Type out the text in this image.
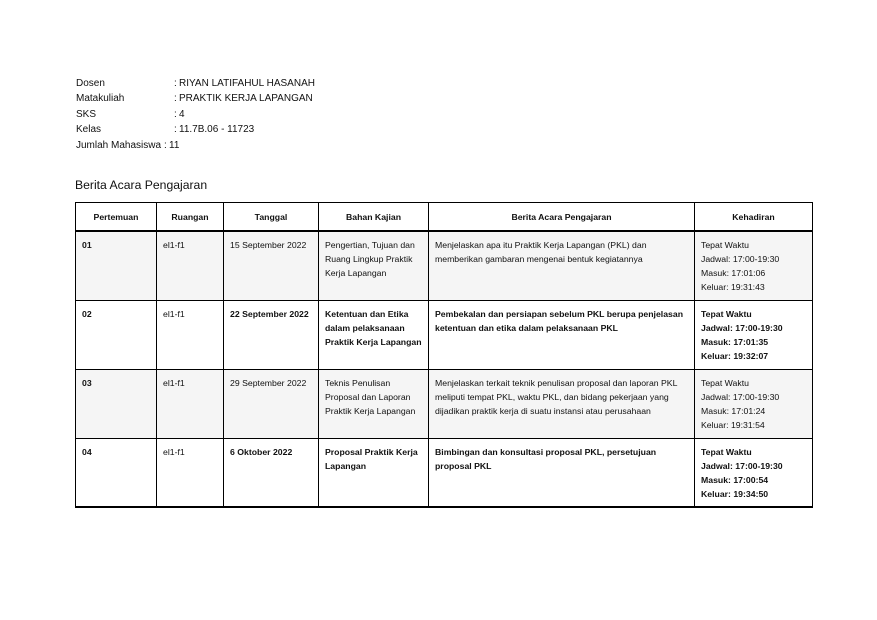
Dosen	: RIYAN LATIFAHUL HASANAH
Matakuliah	: PRAKTIK KERJA LAPANGAN
SKS	: 4
Kelas	: 11.7B.06 - 11723
Jumlah Mahasiswa : 11
Berita Acara Pengajaran
Pertemuan	Ruangan	Tanggal	Bahan Kajian	Berita Acara Pengajaran	Kehadiran
01	el1-f1	15 September 2022	Pengertian, Tujuan dan Ruang Lingkup Praktik Kerja Lapangan	Menjelaskan apa itu Praktik Kerja Lapangan (PKL) dan memberikan gambaran mengenai bentuk kegiatannya	Tepat Waktu
Jadwal: 17:00-19:30
Masuk: 17:01:06
Keluar: 19:31:43

02	el1-f1	22 September 2022	Ketentuan dan Etika dalam pelaksanaan Praktik Kerja Lapangan	Pembekalan dan persiapan sebelum PKL berupa penjelasan ketentuan dan etika dalam pelaksanaan PKL	Tepat Waktu
Jadwal: 17:00-19:30
Masuk: 17:01:35
Keluar: 19:32:07

03	el1-f1	29 September 2022	Teknis Penulisan Proposal dan Laporan Praktik Kerja Lapangan	Menjelaskan terkait teknik penulisan proposal dan laporan PKL meliputi tempat PKL, waktu PKL, dan bidang pekerjaan yang dijadikan praktik kerja di suatu instansi atau perusahaan	Tepat Waktu
Jadwal: 17:00-19:30
Masuk: 17:01:24
Keluar: 19:31:54

04	el1-f1	6 Oktober 2022	Proposal Praktik Kerja Lapangan	Bimbingan dan konsultasi proposal PKL, persetujuan proposal PKL	Tepat Waktu
Jadwal: 17:00-19:30
Masuk: 17:00:54
Keluar: 19:34:50
